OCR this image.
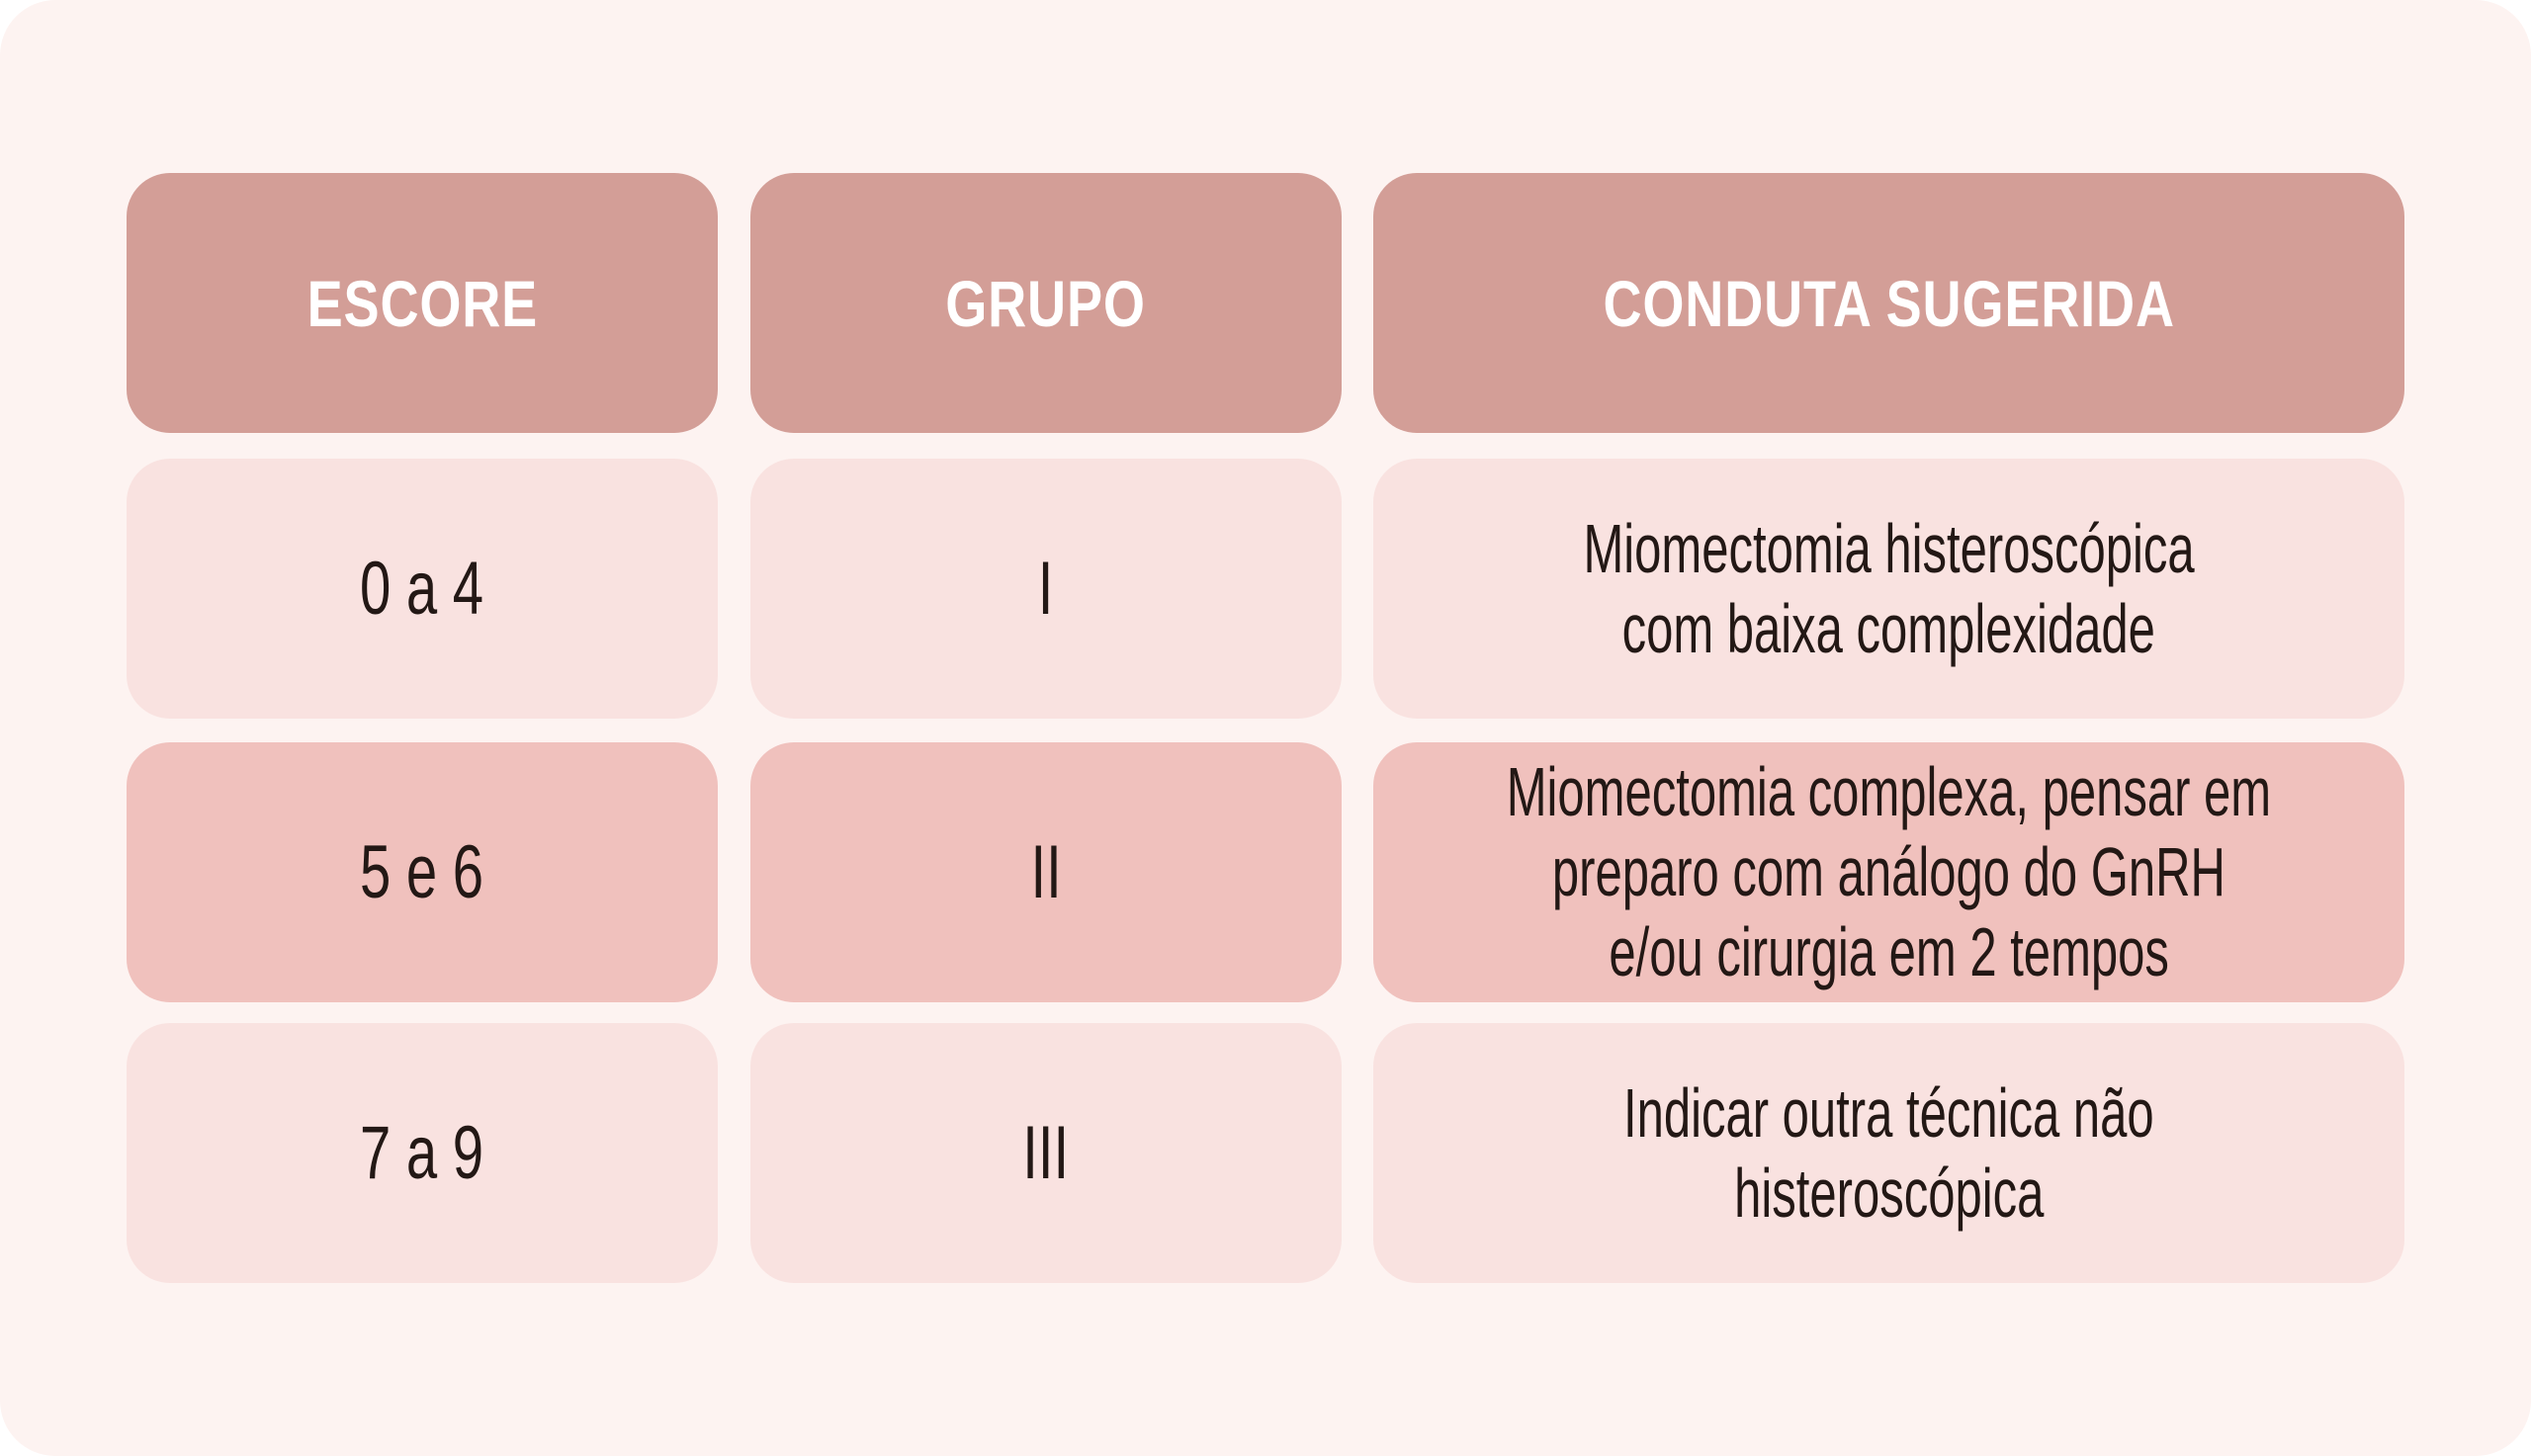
ESCORE	GRUPO	CONDUTA SUGERIDA
0 a 4	I	Miomectomia histeroscópica
com baixa complexidade
5 e 6	II
Miomectomia complexa, pensar em
preparo com análogo do GnRH
e/ou cirurgia em 2 tempos
7 a 9	III	Indicar outra técnica não
histeroscópica
